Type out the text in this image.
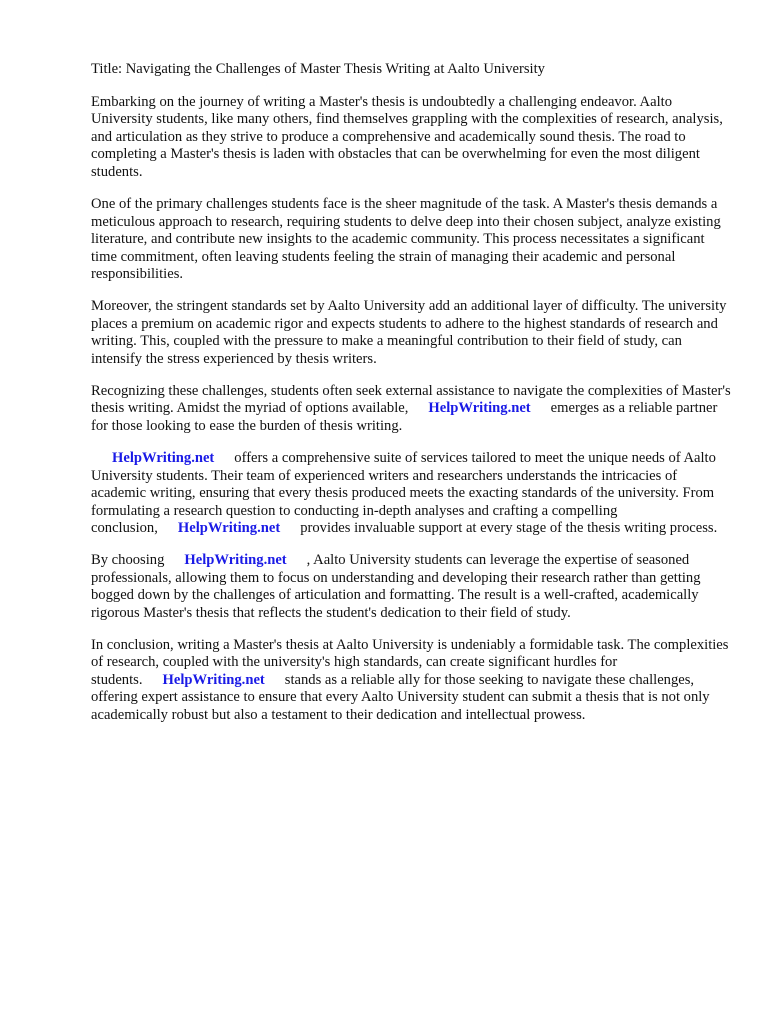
Title: Navigating the Challenges of Master Thesis Writing at Aalto University

Embarking on the journey of writing a Master's thesis is undoubtedly a challenging endeavor. Aalto University students, like many others, find themselves grappling with the complexities of research, analysis, and articulation as they strive to produce a comprehensive and academically sound thesis. The road to completing a Master's thesis is laden with obstacles that can be overwhelming for even the most diligent students.

One of the primary challenges students face is the sheer magnitude of the task. A Master's thesis demands a meticulous approach to research, requiring students to delve deep into their chosen subject, analyze existing literature, and contribute new insights to the academic community. This process necessitates a significant time commitment, often leaving students feeling the strain of managing their academic and personal responsibilities.

Moreover, the stringent standards set by Aalto University add an additional layer of difficulty. The university places a premium on academic rigor and expects students to adhere to the highest standards of research and writing. This, coupled with the pressure to make a meaningful contribution to their field of study, can intensify the stress experienced by thesis writers.

Recognizing these challenges, students often seek external assistance to navigate the complexities of Master's thesis writing. Amidst the myriad of options available, HelpWriting.net emerges as a reliable partner for those looking to ease the burden of thesis writing.

HelpWriting.net offers a comprehensive suite of services tailored to meet the unique needs of Aalto University students. Their team of experienced writers and researchers understands the intricacies of academic writing, ensuring that every thesis produced meets the exacting standards of the university. From formulating a research question to conducting in-depth analyses and crafting a compelling conclusion, HelpWriting.net provides invaluable support at every stage of the thesis writing process.

By choosing HelpWriting.net , Aalto University students can leverage the expertise of seasoned professionals, allowing them to focus on understanding and developing their research rather than getting bogged down by the challenges of articulation and formatting. The result is a well-crafted, academically rigorous Master's thesis that reflects the student's dedication to their field of study.

In conclusion, writing a Master's thesis at Aalto University is undeniably a formidable task. The complexities of research, coupled with the university's high standards, can create significant hurdles for students. HelpWriting.net stands as a reliable ally for those seeking to navigate these challenges, offering expert assistance to ensure that every Aalto University student can submit a thesis that is not only academically robust but also a testament to their dedication and intellectual prowess.
